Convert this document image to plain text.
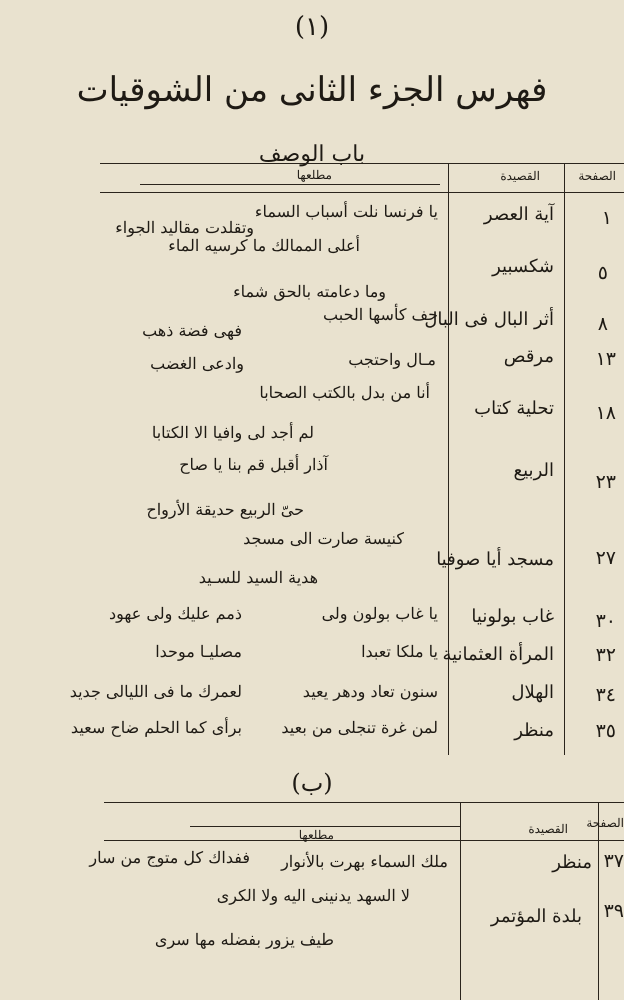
(١)
فهرس الجزء الثانى من الشوقيات
باب الوصف
الصفحة
القصيدة
مطلعها
١
آية العصر
يا فرنسا نلت أسباب السماء
وتقلدت مقاليد الجواء
أعلى الممالك ما كرسيه الماء
٥
شكسبير
وما دعامته بالحق شماء
٨
أثر البال فى البال
حف كأسها الحبب
فهى فضة ذهب
١٣
مرقص
مـال واحتجب
وادعى الغضب
١٨
تحلية كتاب
أنا من بدل بالكتب الصحابا
لم أجد لى وافيا الا الكتابا
٢٣
الربيع
آذار أقبل قم بنا يا صاح
حىّ الربيع حديقة الأرواح
٢٧
مسجد أيا صوفيا
كنيسة صارت الى مسجد
هدية السيد للسـيد
٣٠
غاب بولونيا
يا غاب بولون ولى
ذمم عليك ولى عهود
٣٢
المرأة العثمانية
يا ملكا تعبدا
مصليـا موحدا
٣٤
الهلال
سنون تعاد ودهر يعيد
لعمرك ما فى الليالى جديد
٣٥
منظر
لمن غرة تنجلى من بعيد
برأى كما الحلم ضاح سعيد
(ب)
الصفحة
القصيدة
مطلعها
٣٧
منظر
ملك السماء بهرت بالأنوار
ففداك كل متوج من سار
٣٩
بلدة المؤتمر
لا السهد يدنينى اليه ولا الكرى
طيف يزور بفضله مها سرى
